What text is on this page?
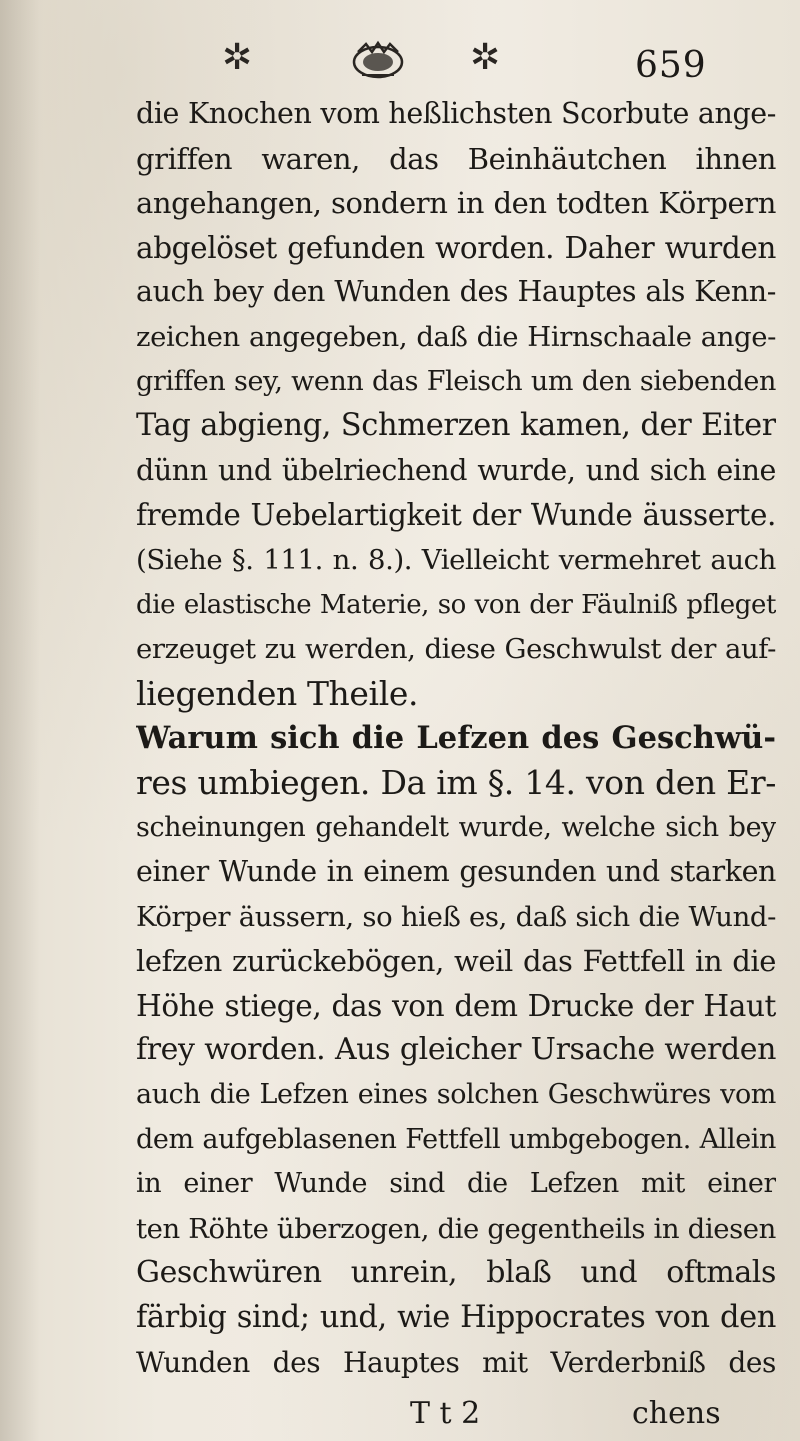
✲	✲	659
die Knochen vom heßlichsten Scorbute ange-
griffen waren, das Beinhäutchen ihnen
angehangen, sondern in den todten Körpern
abgelöset gefunden worden. Daher wurden
auch bey den Wunden des Hauptes als Kenn-
zeichen angegeben, daß die Hirnschaale ange-
griffen sey, wenn das Fleisch um den siebenden
Tag abgieng, Schmerzen kamen, der Eiter
dünn und übelriechend wurde, und sich eine
fremde Uebelartigkeit der Wunde äusserte.
(Siehe §. 111. n. 8.). Vielleicht vermehret auch
die elastische Materie, so von der Fäulniß pfleget
erzeuget zu werden, diese Geschwulst der auf-
liegenden Theile.
Warum sich die Lefzen des Geschwü-
res umbiegen. Da im §. 14. von den Er-
scheinungen gehandelt wurde, welche sich bey
einer Wunde in einem gesunden und starken
Körper äussern, so hieß es, daß sich die Wund-
lefzen zurückebögen, weil das Fettfell in die
Höhe stiege, das von dem Drucke der Haut
frey worden. Aus gleicher Ursache werden
auch die Lefzen eines solchen Geschwüres vom
dem aufgeblasenen Fettfell umbgebogen. Allein
in einer Wunde sind die Lefzen mit einer
ten Röhte überzogen, die gegentheils in diesen
Geschwüren unrein, blaß und oftmals
färbig sind; und, wie Hippocrates von den
Wunden des Hauptes mit Verderbniß des
T t 2	chens
